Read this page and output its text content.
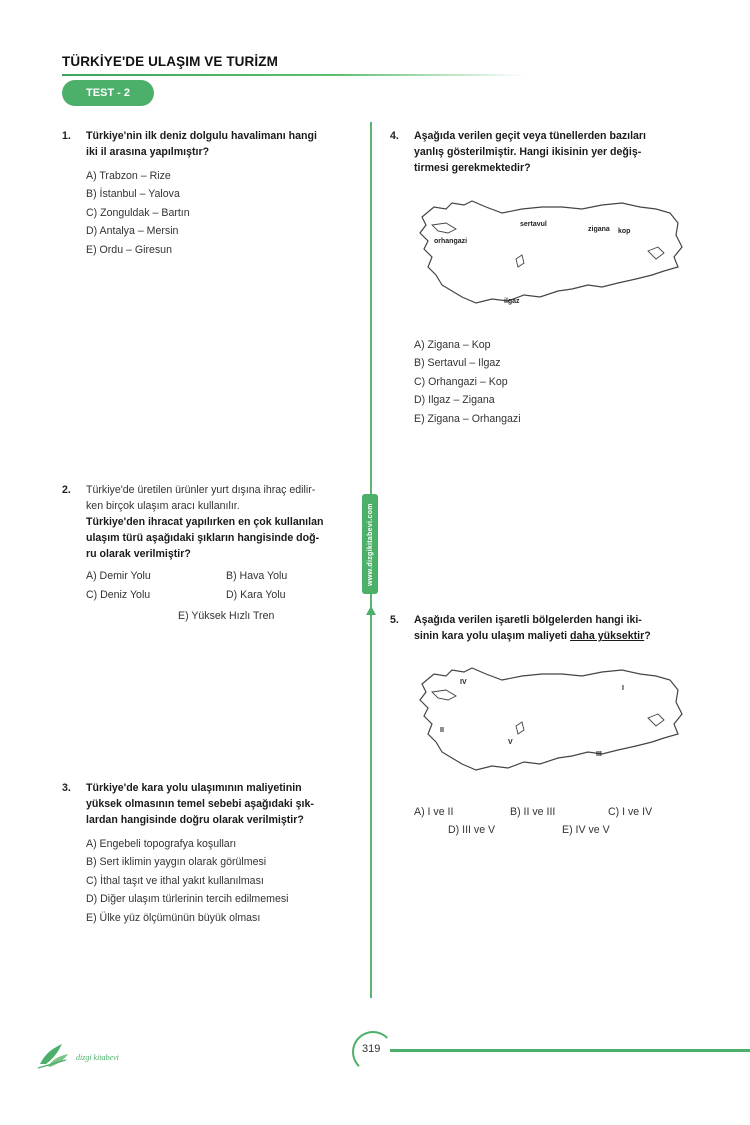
TÜRKİYE'DE ULAŞIM VE TURİZM
TEST - 2
www.dizgikitabevi.com
1. Türkiye'nin ilk deniz dolgulu havalimanı hangi
iki il arasına yapılmıştır?
A) Trabzon – Rize
B) İstanbul – Yalova
C) Zonguldak – Bartın
D) Antalya – Mersin
E) Ordu – Giresun
2. Türkiye'de üretilen ürünler yurt dışına ihraç edilir-
ken birçok ulaşım aracı kullanılır.
Türkiye'den ihracat yapılırken en çok kullanılan
ulaşım türü aşağıdaki şıkların hangisinde doğ-
ru olarak verilmiştir?
A) Demir Yolu	B) Hava Yolu
C) Deniz Yolu	D) Kara Yolu
E) Yüksek Hızlı Tren
3. Türkiye'de kara yolu ulaşımının maliyetinin
yüksek olmasının temel sebebi aşağıdaki şık-
lardan hangisinde doğru olarak verilmiştir?
A) Engebeli topografya koşulları
B) Sert iklimin yaygın olarak görülmesi
C) İthal taşıt ve ithal yakıt kullanılması
D) Diğer ulaşım türlerinin tercih edilmemesi
E) Ülke yüz ölçümünün büyük olması
4. Aşağıda verilen geçit veya tünellerden bazıları
yanlış gösterilmiştir. Hangi ikisinin yer değiş-
tirmesi gerekmektedir?
sertavul
zigana kop
orhangazi
ilgaz
A) Zigana – Kop
B) Sertavul – Ilgaz
C) Orhangazi – Kop
D) Ilgaz – Zigana
E) Zigana – Orhangazi
5. Aşağıda verilen işaretli bölgelerden hangi iki-
sinin kara yolu ulaşım maliyeti daha yüksektir?
I
II
III
IV
V
A) I ve II	B) II ve III	C) I ve IV
D) III ve V	E) IV ve V
dizgi kitabevi
319
